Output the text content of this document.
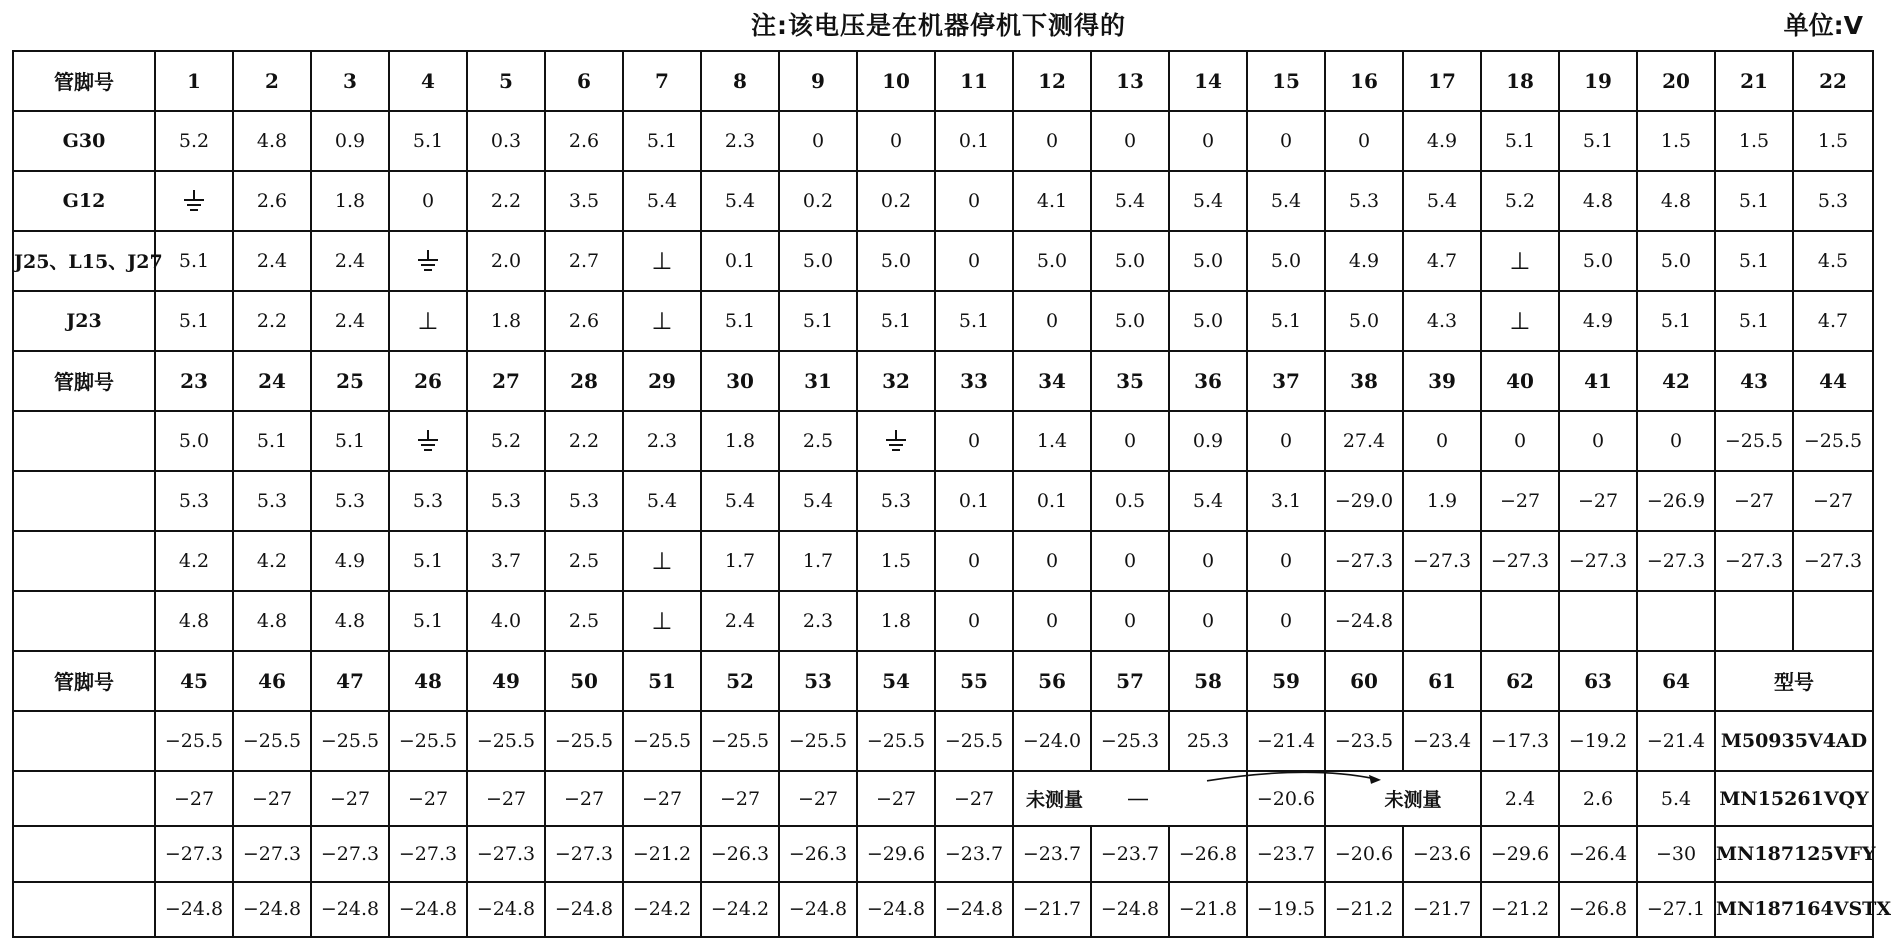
注:该电压是在机器停机下测得的	单位:V
管脚号	1	2	3	4	5	6	7	8	9	10	11	12	13	14	15	16	17	18	19	20	21	22
G30	5.2	4.8	0.9	5.1	0.3	2.6	5.1	2.3	0	0	0.1	0	0	0	0	0	4.9	5.1	5.1	1.5	1.5	1.5
G12		2.6	1.8	0	2.2	3.5	5.4	5.4	0.2	0.2	0	4.1	5.4	5.4	5.4	5.3	5.4	5.2	4.8	4.8	5.1	5.3
J25、L15、J27	5.1	2.4	2.4		2.0	2.7	⊥	0.1	5.0	5.0	0	5.0	5.0	5.0	5.0	4.9	4.7	⊥	5.0	5.0	5.1	4.5
J23	5.1	2.2	2.4	⊥	1.8	2.6	⊥	5.1	5.1	5.1	5.1	0	5.0	5.0	5.1	5.0	4.3	⊥	4.9	5.1	5.1	4.7
管脚号	23	24	25	26	27	28	29	30	31	32	33	34	35	36	37	38	39	40	41	42	43	44
	5.0	5.1	5.1		5.2	2.2	2.3	1.8	2.5		0	1.4	0	0.9	0	27.4	0	0	0	0	−25.5	−25.5
	5.3	5.3	5.3	5.3	5.3	5.3	5.4	5.4	5.4	5.3	0.1	0.1	0.5	5.4	3.1	−29.0	1.9	−27	−27	−26.9	−27	−27
	4.2	4.2	4.9	5.1	3.7	2.5	⊥	1.7	1.7	1.5	0	0	0	0	0	−27.3	−27.3	−27.3	−27.3	−27.3	−27.3	−27.3
	4.8	4.8	4.8	5.1	4.0	2.5	⊥	2.4	2.3	1.8	0	0	0	0	0	−24.8						
管脚号	45	46	47	48	49	50	51	52	53	54	55	56	57	58	59	60	61	62	63	64	型号	
	−25.5	−25.5	−25.5	−25.5	−25.5	−25.5	−25.5	−25.5	−25.5	−25.5	−25.5	−24.0	−25.3	25.3	−21.4	−23.5	−23.4	−17.3	−19.2	−21.4	M50935V4AD	
	−27	−27	−27	−27	−27	−27	−27	−27	−27	−27	−27	未测量			−20.6	未测量		2.4	2.6	5.4	MN15261VQY	
	−27.3	−27.3	−27.3	−27.3	−27.3	−27.3	−21.2	−26.3	−26.3	−29.6	−23.7	−23.7	−23.7	−26.8	−23.7	−20.6	−23.6	−29.6	−26.4	−30	MN187125VFY	
	−24.8	−24.8	−24.8	−24.8	−24.8	−24.8	−24.2	−24.2	−24.8	−24.8	−24.8	−21.7	−24.8	−21.8	−19.5	−21.2	−21.7	−21.2	−26.8	−27.1	MN187164VSTX	
